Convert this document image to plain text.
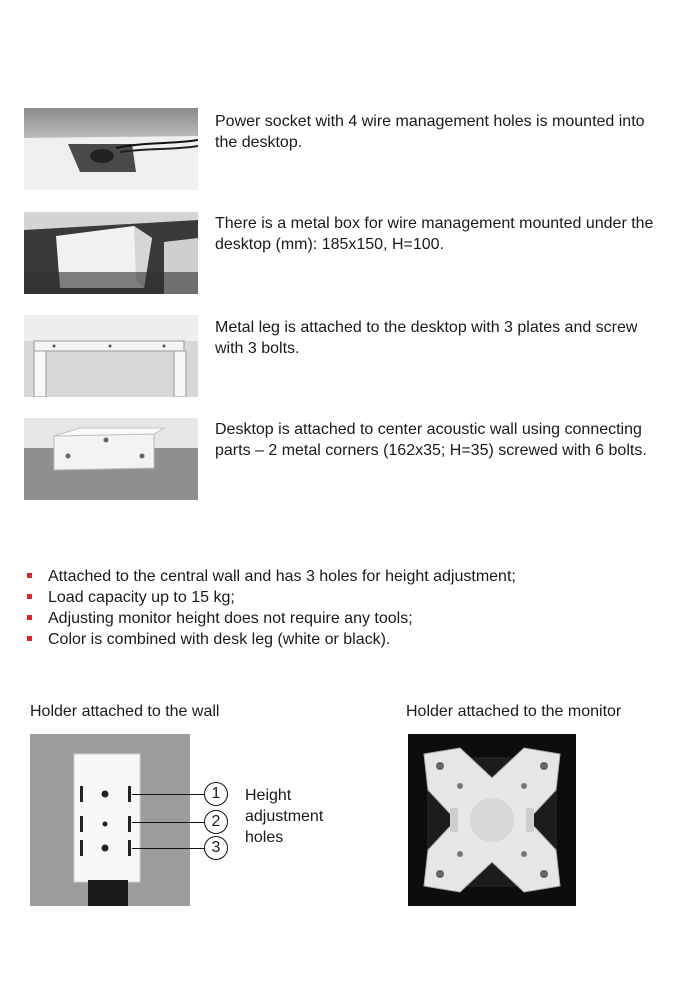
Power socket with 4 wire management holes is mounted into the desktop.
There is a metal box for wire management mounted under the desktop (mm): 185x150, H=100.
Metal leg is attached to the desktop with 3 plates and screw with 3 bolts.
Desktop is attached to center acoustic wall using connecting parts – 2 metal corners (162x35; H=35) screwed with 6 bolts.
Attached to the central wall and has 3 holes for height adjustment;
Load capacity up to 15 kg;
Adjusting monitor height does not require any tools;
Color is combined with desk leg (white or black).
Holder attached to the wall	Holder attached to the monitor
1
2
3
Height adjustment holes
